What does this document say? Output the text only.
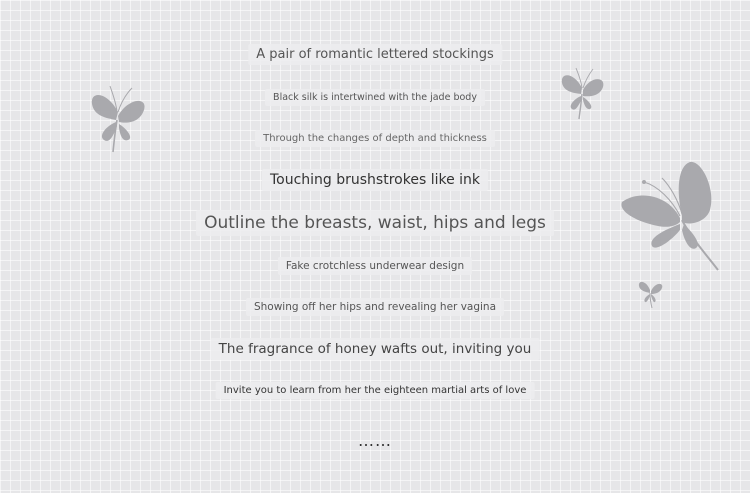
A pair of romantic lettered stockings
Black silk is intertwined with the jade body
Through the changes of depth and thickness
Touching brushstrokes like ink
Outline the breasts, waist, hips and legs
Fake crotchless underwear design
Showing off her hips and revealing her vagina
The fragrance of honey wafts out, inviting you
Invite you to learn from her the eighteen martial arts of love
……
